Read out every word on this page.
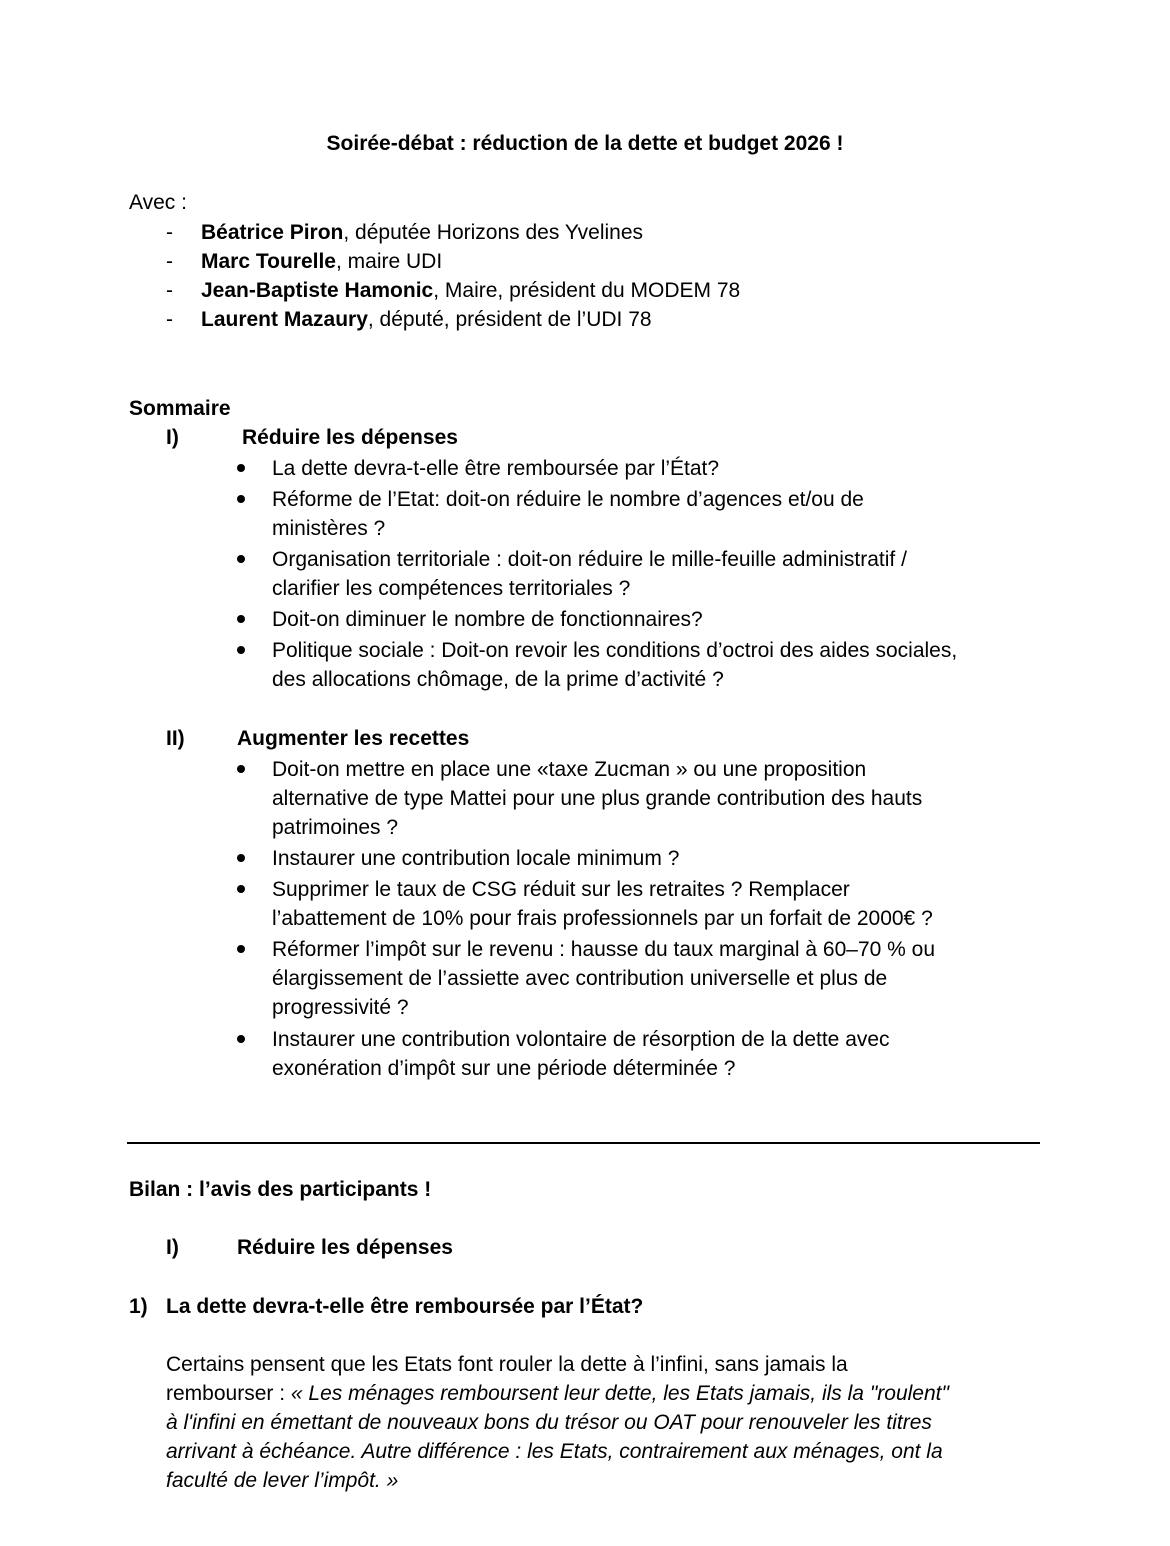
Soirée-débat : réduction de la dette et budget 2026 !
Avec :
- Béatrice Piron, députée Horizons des Yvelines
- Marc Tourelle, maire UDI
- Jean-Baptiste Hamonic, Maire, président du MODEM 78
- Laurent Mazaury, député, président de l’UDI 78
Sommaire
I)	Réduire les dépenses
La dette devra-t-elle être remboursée par l’État?
Réforme de l’Etat: doit-on réduire le nombre d’agences et/ou de
ministères ?
Organisation territoriale : doit-on réduire le mille-feuille administratif /
clarifier les compétences territoriales ?
Doit-on diminuer le nombre de fonctionnaires?
Politique sociale : Doit-on revoir les conditions d’octroi des aides sociales,
des allocations chômage, de la prime d’activité ?
II) Augmenter les recettes
Doit-on mettre en place une «taxe Zucman » ou une proposition
alternative de type Mattei pour une plus grande contribution des hauts
patrimoines ?
Instaurer une contribution locale minimum ?
Supprimer le taux de CSG réduit sur les retraites ? Remplacer
l’abattement de 10% pour frais professionnels par un forfait de 2000€ ?
Réformer l’impôt sur le revenu : hausse du taux marginal à 60–70 % ou
élargissement de l’assiette avec contribution universelle et plus de
progressivité ?
Instaurer une contribution volontaire de résorption de la dette avec
exonération d’impôt sur une période déterminée ?
Bilan : l’avis des participants !
I)	Réduire les dépenses
1) La dette devra-t-elle être remboursée par l’État?
Certains pensent que les Etats font rouler la dette à l’infini, sans jamais la
rembourser : « Les ménages remboursent leur dette, les Etats jamais, ils la "roulent"
à l'infini en émettant de nouveaux bons du trésor ou OAT pour renouveler les titres
arrivant à échéance. Autre différence : les Etats, contrairement aux ménages, ont la
faculté de lever l’impôt. »
